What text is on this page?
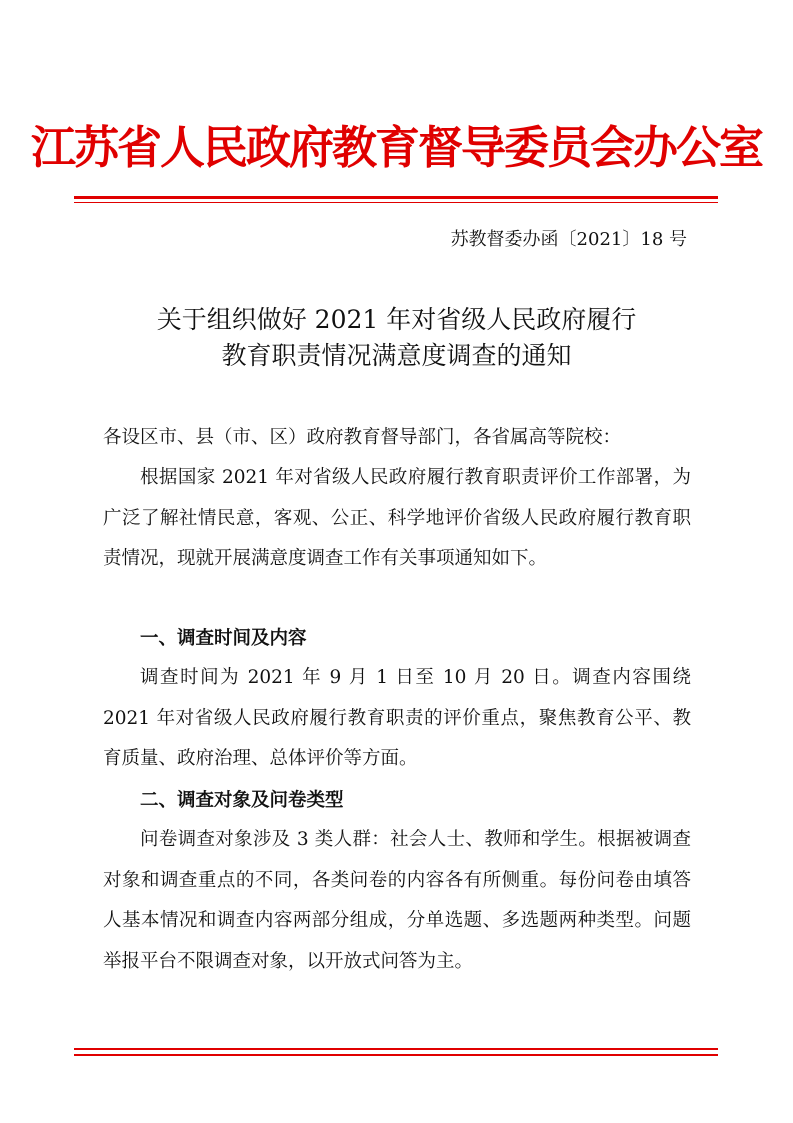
江苏省人民政府教育督导委员会办公室
苏教督委办函〔2021〕18 号
关于组织做好 2021 年对省级人民政府履行
教育职责情况满意度调查的通知

各设区市、县（市、区）政府教育督导部门，各省属高等院校：

根据国家 2021 年对省级人民政府履行教育职责评价工作部署，为广泛了解社情民意，客观、公正、科学地评价省级人民政府履行教育职责情况，现就开展满意度调查工作有关事项通知如下。

一、调查时间及内容

调查时间为 2021 年 9 月 1 日至 10 月 20 日。调查内容围绕 2021 年对省级人民政府履行教育职责的评价重点，聚焦教育公平、教育质量、政府治理、总体评价等方面。

二、调查对象及问卷类型

问卷调查对象涉及 3 类人群：社会人士、教师和学生。根据被调查对象和调查重点的不同，各类问卷的内容各有所侧重。每份问卷由填答人基本情况和调查内容两部分组成，分单选题、多选题两种类型。问题举报平台不限调查对象，以开放式问答为主。
